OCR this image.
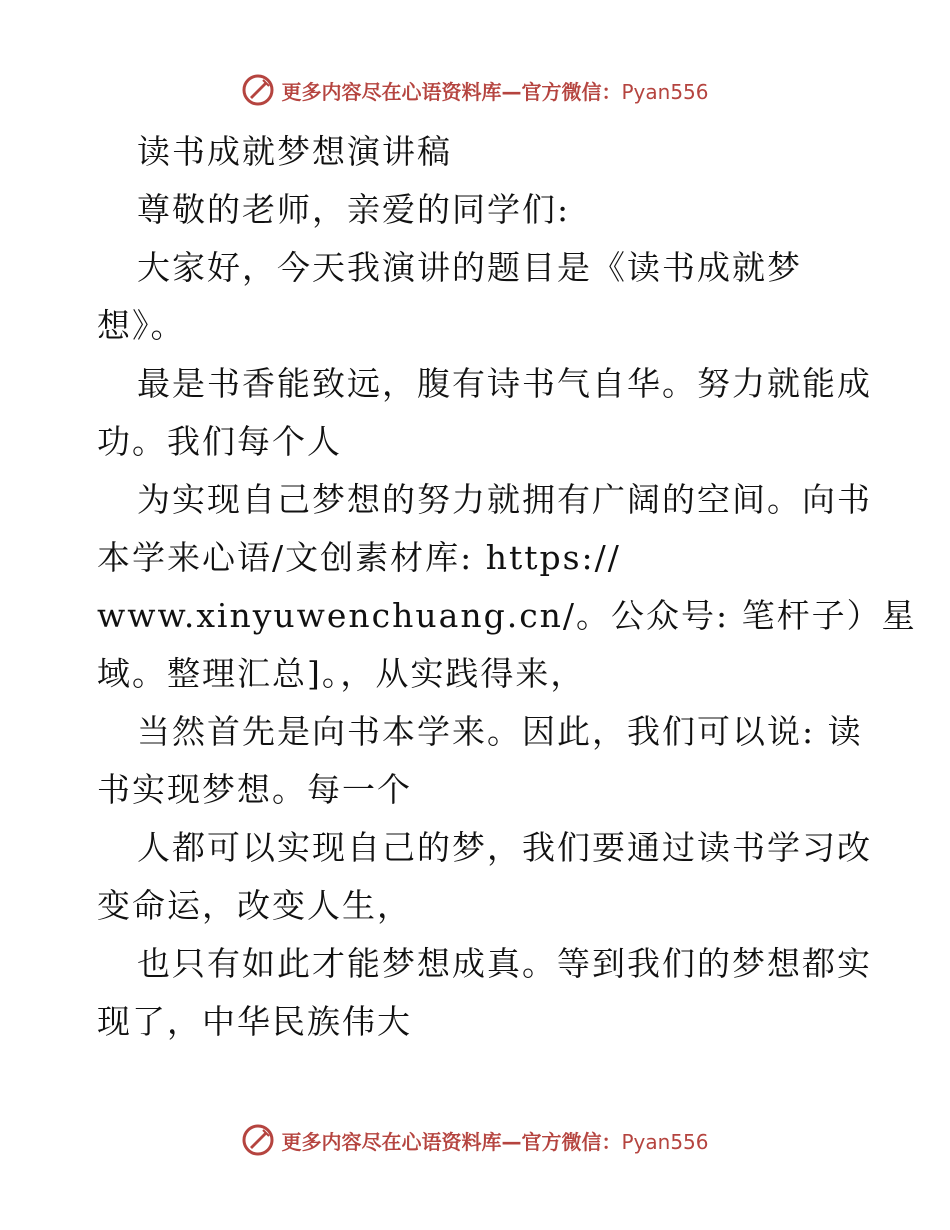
更多内容尽在心语资料库—官方微信：Pyan556
读书成就梦想演讲稿
尊敬的老师，亲爱的同学们:
大家好，今天我演讲的题目是《读书成就梦
想》。
最是书香能致远，腹有诗书气自华。努力就能成
功。我们每个人
为实现自己梦想的努力就拥有广阔的空间。向书
本学来心语/文创素材库: https://
www.xinyuwenchuang.cn/。公众号: 笔杆子）星
域。整理汇总]。，从实践得来，
当然首先是向书本学来。因此，我们可以说: 读
书实现梦想。每一个
人都可以实现自己的梦，我们要通过读书学习改
变命运，改变人生，
也只有如此才能梦想成真。等到我们的梦想都实
现了，中华民族伟大
更多内容尽在心语资料库—官方微信：Pyan556
